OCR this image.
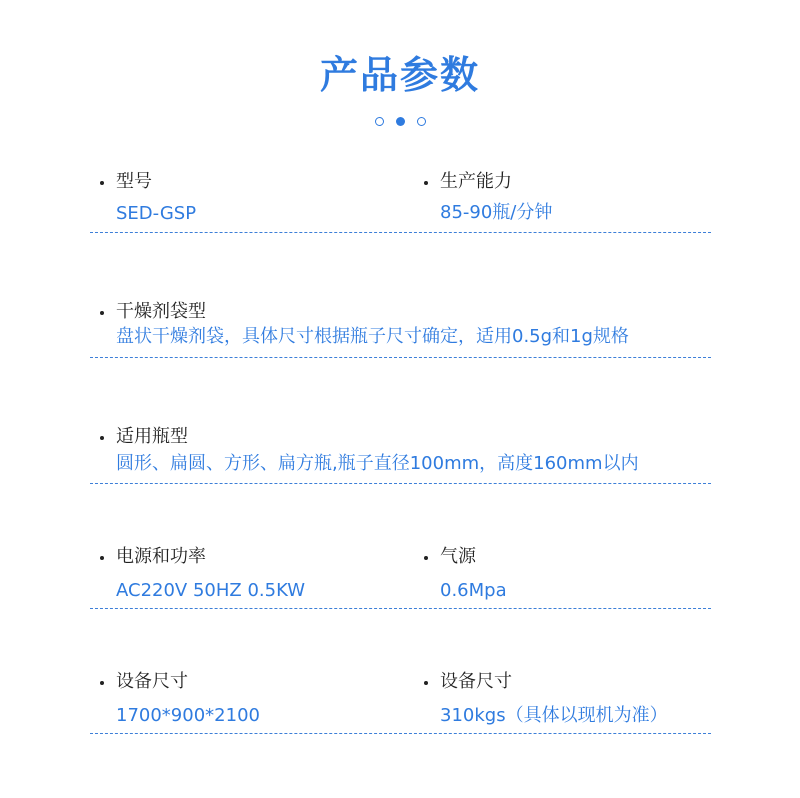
产品参数
型号
SED-GSP
生产能力
85-90瓶/分钟
干燥剂袋型
盘状干燥剂袋，具体尺寸根据瓶子尺寸确定，适用0.5g和1g规格
适用瓶型
圆形、扁圆、方形、扁方瓶,瓶子直径100mm，高度160mm以内
电源和功率
AC220V 50HZ 0.5KW
气源
0.6Mpa
设备尺寸
1700*900*2100
设备尺寸
310kgs（具体以现机为准）
